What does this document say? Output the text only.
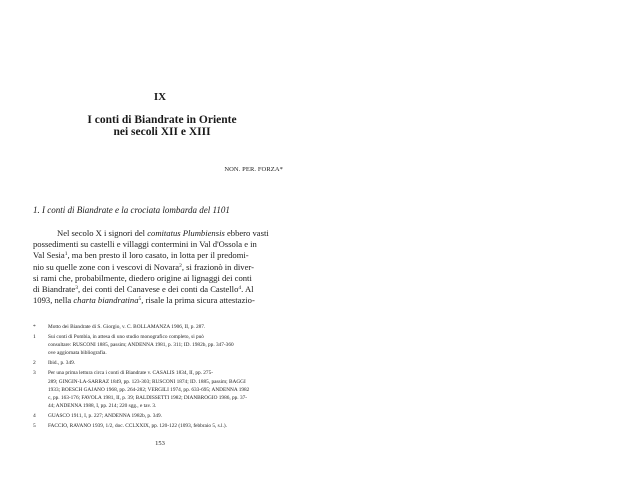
IX
I conti di Biandrate in Oriente
nei secoli XII e XIII
NON. PER. FORZA*
1. I conti di Biandrate e la crociata lombarda del 1101
Nel secolo X i signori del comitatus Plumbiensis ebbero vasti
possedimenti su castelli e villaggi contermini in Val d'Ossola e in
Val Sesia$^1$, ma ben presto il loro casato, in lotta per il predomi-
nio su quelle zone con i vescovi di Novara$^2$, si frazionò in diver-
si rami che, probabilmente, diedero origine ai lignaggi dei conti
di Biandrate$^3$, dei conti del Canavese e dei conti da Castello$^4$. Al
1093, nella charta biandratina$^5$, risale la prima sicura attestazio-
* Motto dei Biandrate di S. Giorgio, v. C. BOLLAMANZA 1906, II, p. 287.
1 Sui conti di Pombia, in attesa di uno studio monografico completo, si può
consultare: RUSCONI 1885, passim; ANDENNA 1981, p. 311; ID. 1982b, pp. 347-360
ove aggiornata bibliografia.
2 Ibid., p. 349.
3 Per una prima lettura circa i conti di Biandrate v. CASALIS 1834, II, pp. 275-
289; GINGIN-LA-SARRAZ 1849, pp. 123-303; RUSCONI 1874; ID. 1885, passim; BAGGI
1933; BOESCH GAJANO 1968, pp. 264-282; VERGILI 1974, pp. 633-695; ANDENNA 1982
c, pp. 163-176; FAVOLA 1981, II, p. 39; BALDISSETTI 1982; DIANBROGIO 1986, pp. 37-
44; ANDENNA 1988, I, pp. 214; 220 sgg., e tav. 3.
4 GUASCO 1911, I, p. 227; ANDENNA 1982b, p. 349.
5 FACCIO, RAVANO 1939, 1/2, doc. CCLXXIX, pp. 120-122 (1093, febbraio 5, s.l.).
153
